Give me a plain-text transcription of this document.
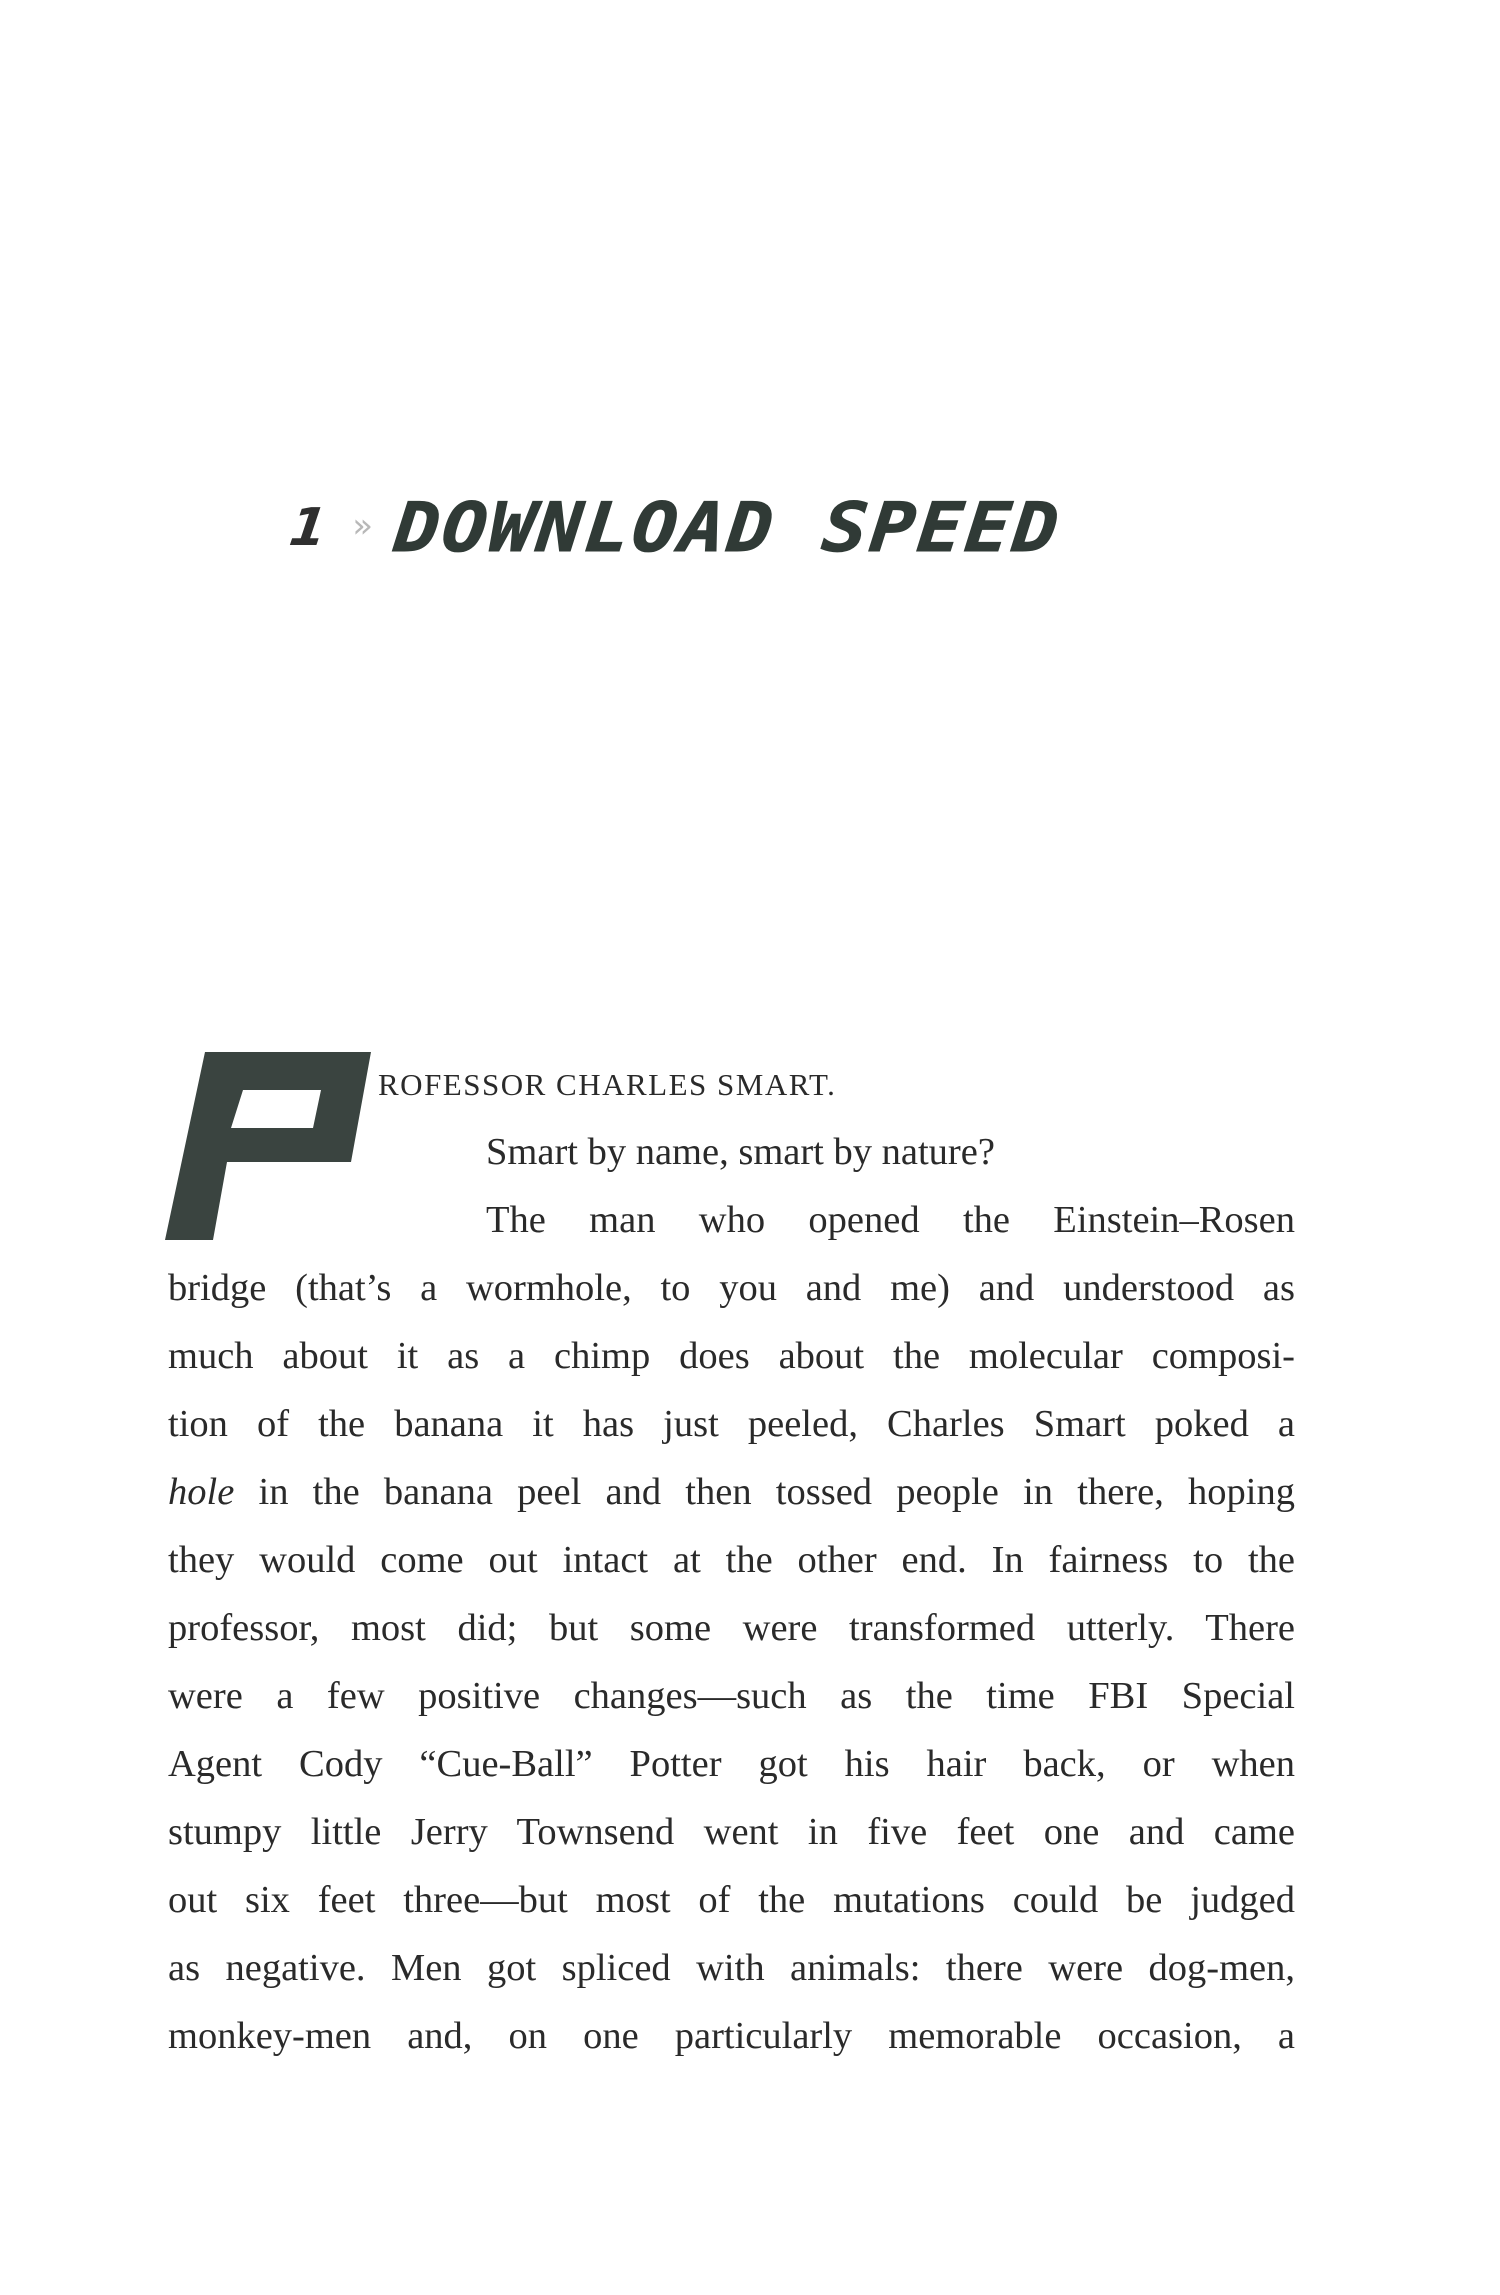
1 » DOWNLOAD SPEED
ROFESSOR CHARLES SMART.
Smart by name, smart by nature?
The man who opened the Einstein–Rosen
bridge (that’s a wormhole, to you and me) and understood as
much about it as a chimp does about the molecular composi-
tion of the banana it has just peeled, Charles Smart poked a
hole in the banana peel and then tossed people in there, hoping
they would come out intact at the other end. In fairness to the
professor, most did; but some were transformed utterly. There
were a few positive changes—such as the time FBI Special
Agent Cody “Cue-Ball” Potter got his hair back, or when
stumpy little Jerry Townsend went in five feet one and came
out six feet three—but most of the mutations could be judged
as negative. Men got spliced with animals: there were dog-men,
monkey-men and, on one particularly memorable occasion, a
